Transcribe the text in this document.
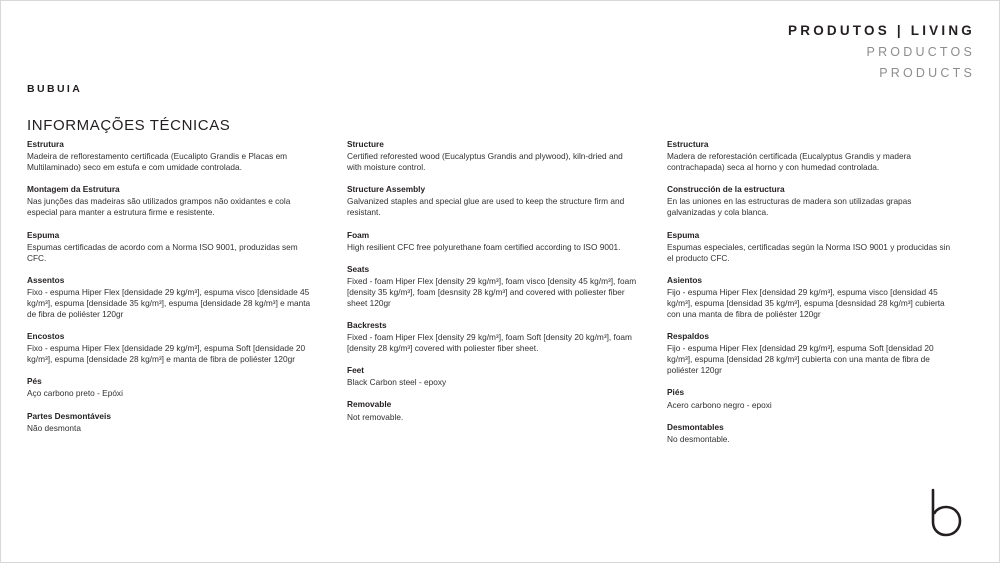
PRODUTOS | LIVING
PRODUCTOS
PRODUCTS
BUBUIA
INFORMAÇÕES TÉCNICAS
Estrutura
Madeira de reflorestamento certificada (Eucalipto Grandis e Placas em Multilaminado) seco em estufa e com umidade controlada.
Montagem da Estrutura
Nas junções das madeiras são utilizados grampos não oxidantes e cola especial para manter a estrutura firme e resistente.
Espuma
Espumas certificadas de acordo com a Norma ISO 9001, produzidas sem CFC.
Assentos
Fixo - espuma Hiper Flex [densidade 29 kg/m³], espuma visco [densidade 45 kg/m³], espuma [densidade 35 kg/m³], espuma [densidade 28 kg/m³] e manta de fibra de poliéster 120gr
Encostos
Fixo - espuma Hiper Flex [densidade 29 kg/m³], espuma Soft [densidade 20 kg/m³], espuma [densidade 28 kg/m³] e manta de fibra de poliéster 120gr
Pés
Aço carbono preto - Epóxi
Partes Desmontáveis
Não desmonta
Structure
Certified reforested wood (Eucalyptus Grandis and plywood), kiln-dried and with moisture control.
Structure Assembly
Galvanized staples and special glue are used to keep the structure firm and resistant.
Foam
High resilient CFC free polyurethane foam certified according to ISO 9001.
Seats
Fixed - foam Hiper Flex [density 29 kg/m³], foam visco [density 45 kg/m³], foam [density 35 kg/m³], foam [desnsity 28 kg/m³] and covered with poliester fiber sheet 120gr
Backrests
Fixed - foam Hiper Flex [density 29 kg/m³], foam Soft [density 20 kg/m³], foam [density 28 kg/m³] covered with poliester fiber sheet.
Feet
Black Carbon steel - epoxy
Removable
Not removable.
Estructura
Madera de reforestación certificada (Eucalyptus Grandis y madera contrachapada) seca al horno y con humedad controlada.
Construcción de la estructura
En las uniones en las estructuras de madera son utilizadas grapas galvanizadas y cola blanca.
Espuma
Espumas especiales, certificadas según la Norma ISO 9001 y producidas sin el producto CFC.
Asientos
Fijo - espuma Hiper Flex [densidad 29 kg/m³], espuma visco [densidad 45 kg/m³], espuma [densidad 35 kg/m³], espuma [desnsidad 28 kg/m³] cubierta con una manta de fibra de poliéster 120gr
Respaldos
Fijo - espuma Hiper Flex [densidad 29 kg/m³], espuma Soft [densidad 20 kg/m³], espuma [densidad 28 kg/m³] cubierta con una manta de fibra de poliéster 120gr
Piés
Acero carbono negro - epoxi
Desmontables
No desmontable.
